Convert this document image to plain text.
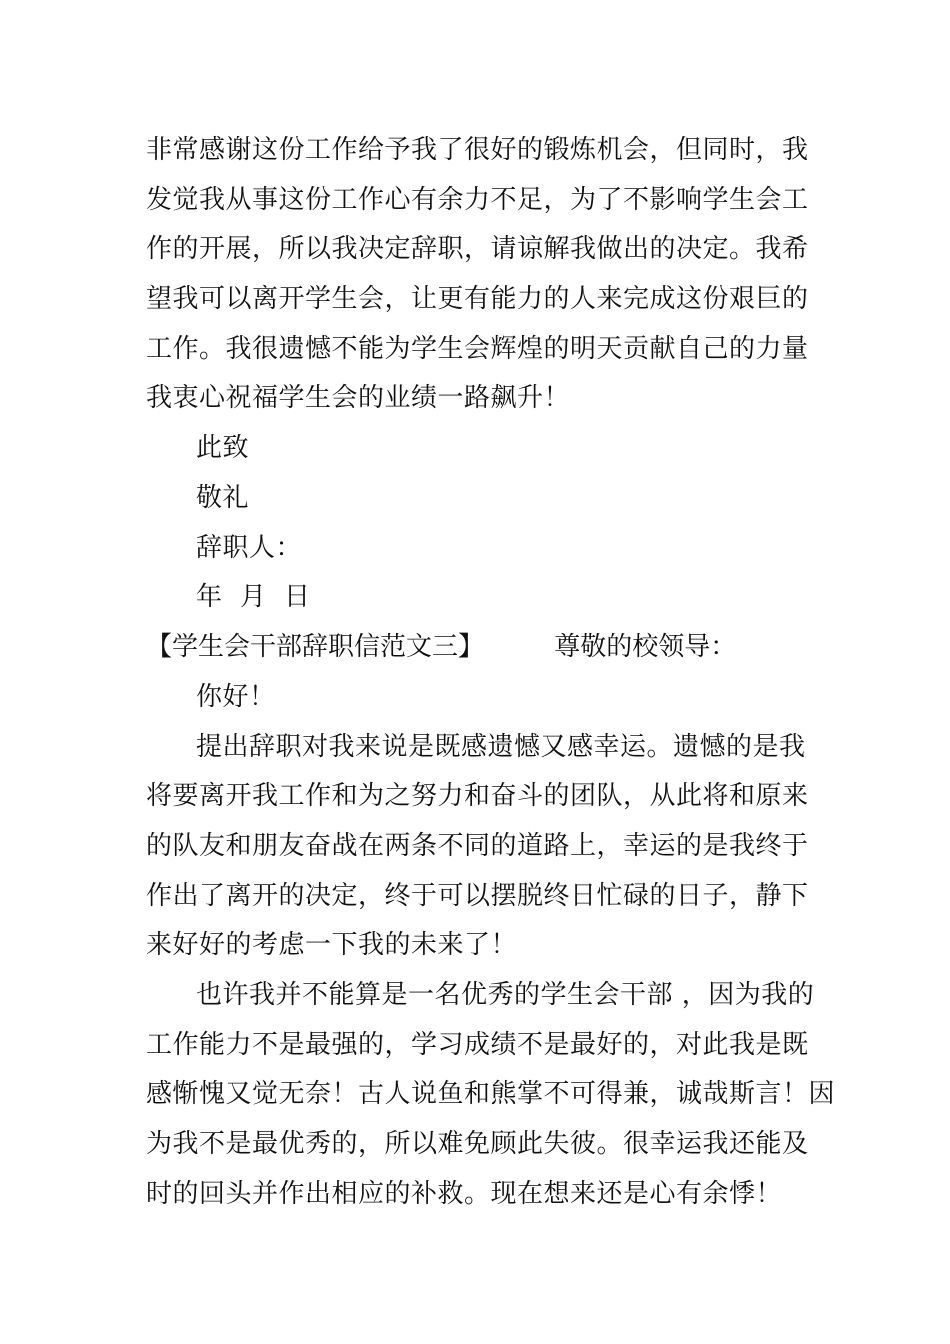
非常感谢这份工作给予我了很好的锻炼机会，但同时，我
发觉我从事这份工作心有余力不足，为了不影响学生会工
作的开展，所以我决定辞职，请谅解我做出的决定。我希
望我可以离开学生会，让更有能力的人来完成这份艰巨的
工作。我很遗憾不能为学生会辉煌的明天贡献自己的力量
我衷心祝福学生会的业绩一路飙升！
此致
敬礼
辞职人：
年  月  日
【学生会干部辞职信范文三】	尊敬的校领导：
你好！
提出辞职对我来说是既感遗憾又感幸运。遗憾的是我
将要离开我工作和为之努力和奋斗的团队，从此将和原来
的队友和朋友奋战在两条不同的道路上，幸运的是我终于
作出了离开的决定，终于可以摆脱终日忙碌的日子，静下
来好好的考虑一下我的未来了！
也许我并不能算是一名优秀的学生会干部 ，因为我的
工作能力不是最强的，学习成绩不是最好的，对此我是既
感惭愧又觉无奈！古人说鱼和熊掌不可得兼，诚哉斯言！因
为我不是最优秀的，所以难免顾此失彼。很幸运我还能及
时的回头并作出相应的补救。现在想来还是心有余悸！
